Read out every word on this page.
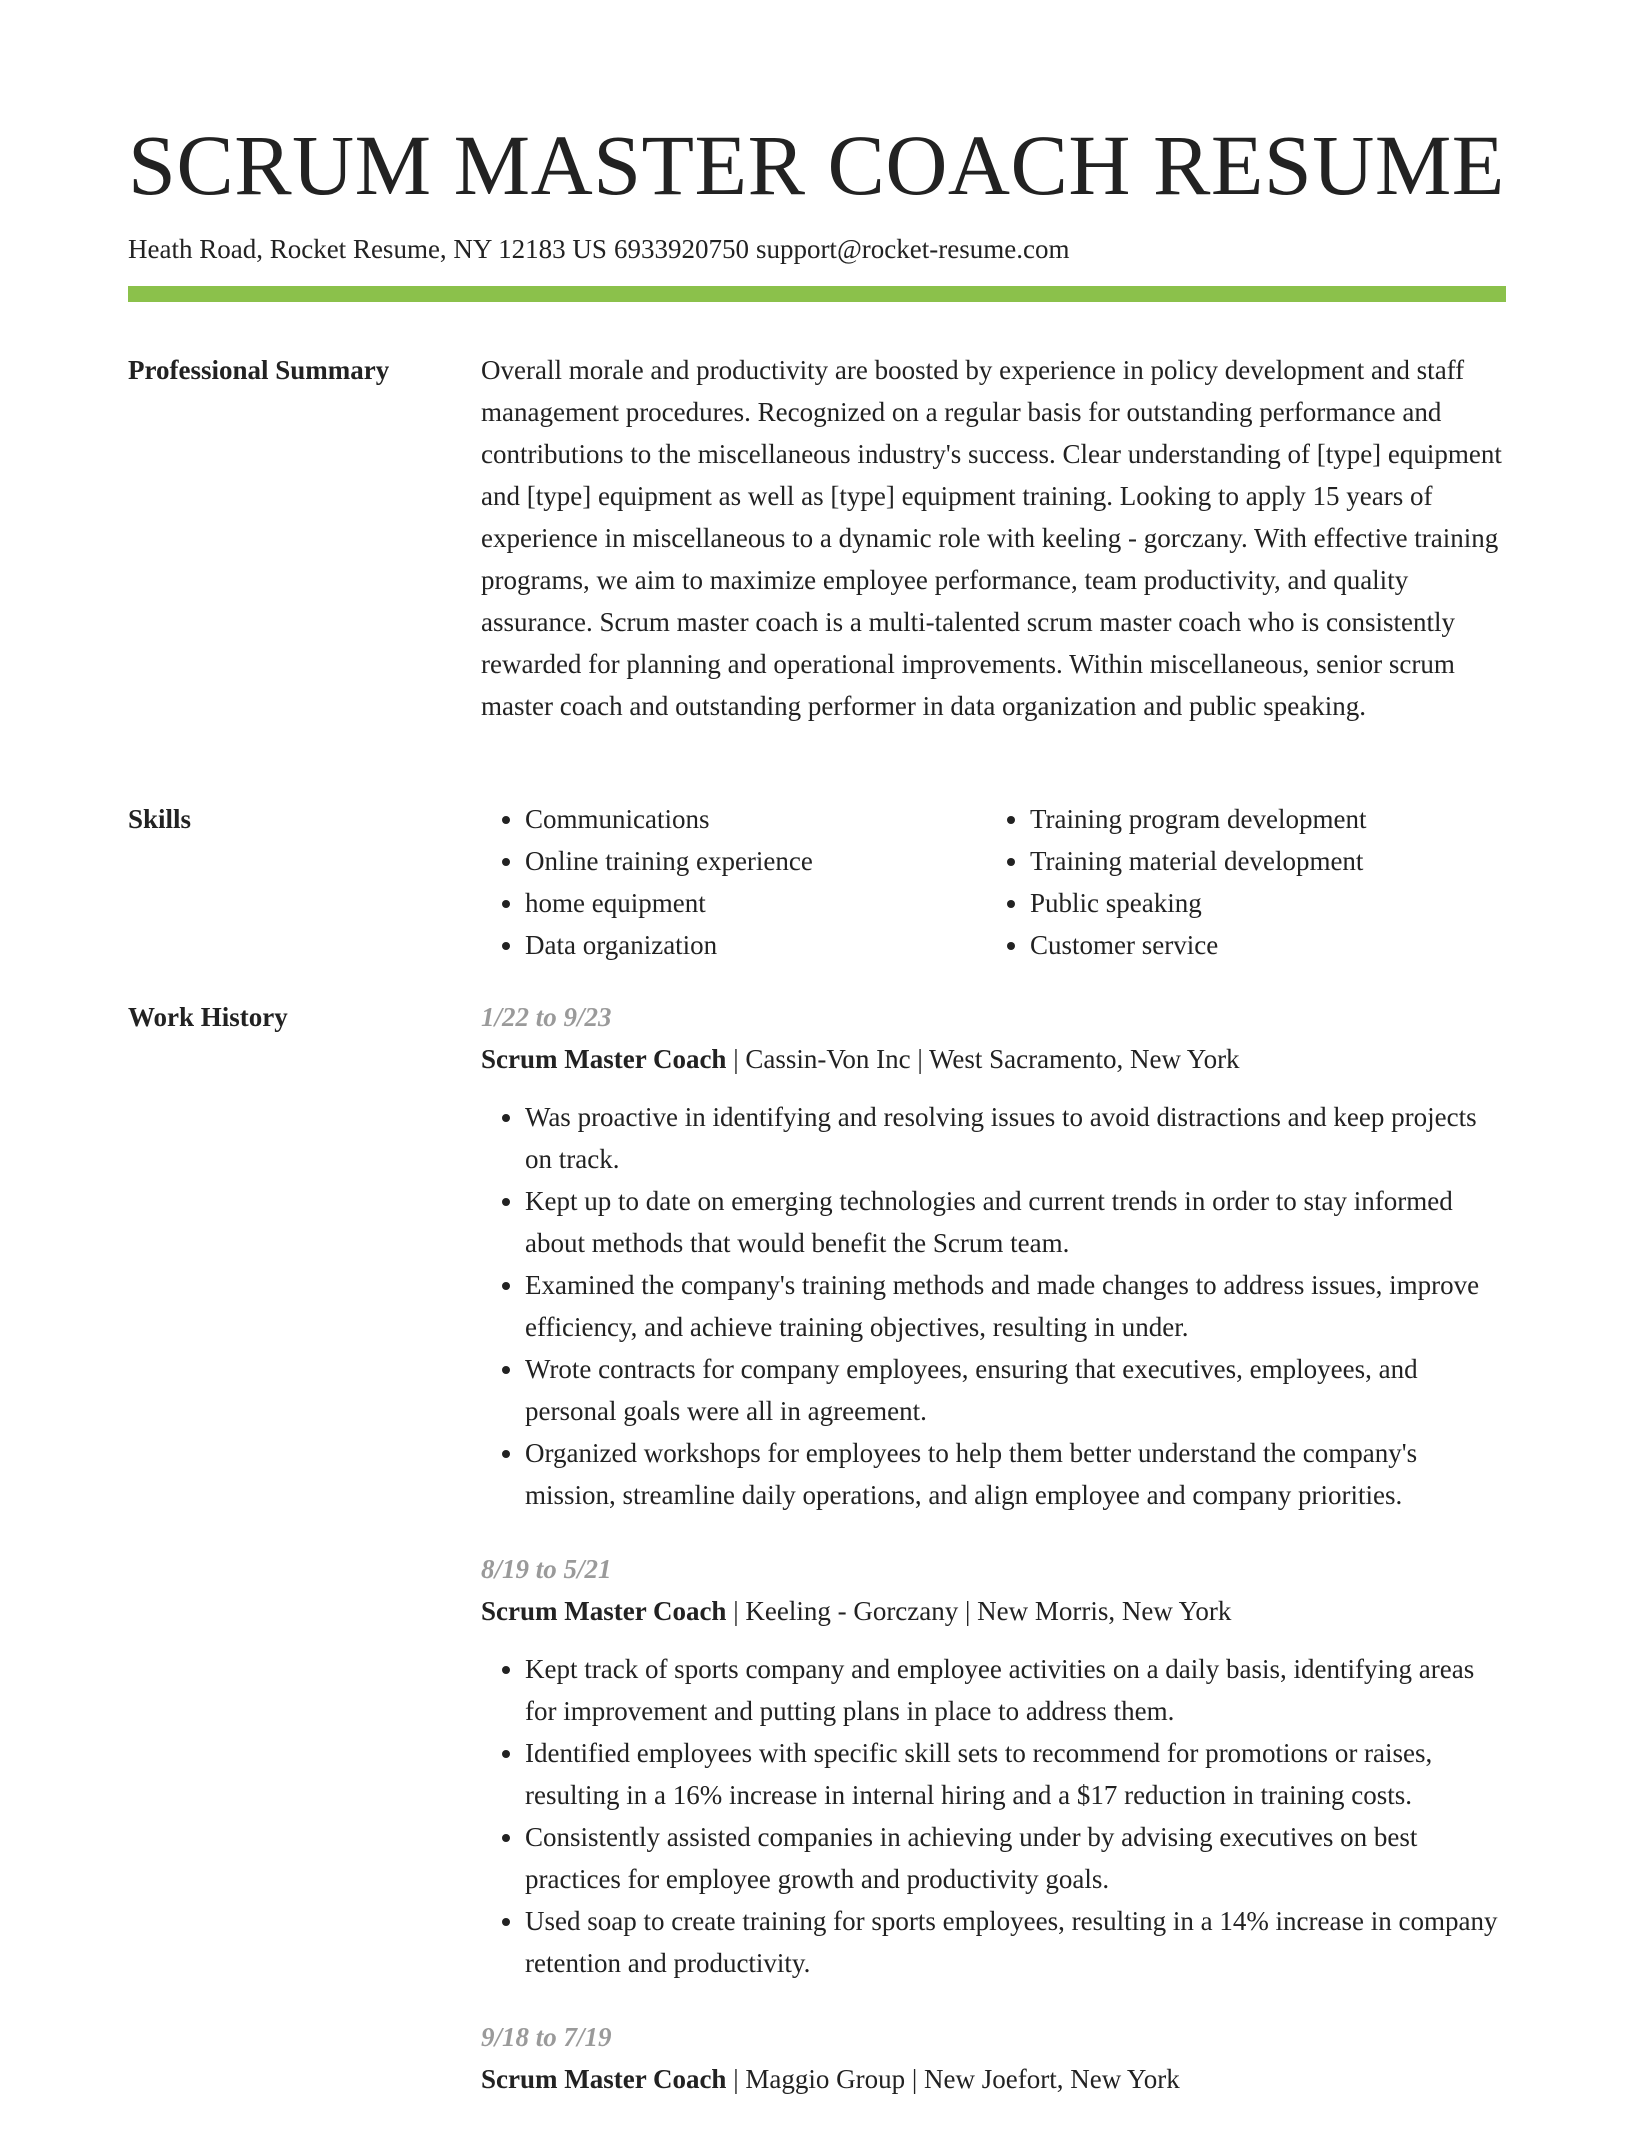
SCRUM MASTER COACH RESUME
Heath Road, Rocket Resume, NY 12183 US 6933920750 support@rocket-resume.com
Professional Summary	Overall morale and productivity are boosted by experience in policy development and staff management procedures. Recognized on a regular basis for outstanding performance and contributions to the miscellaneous industry's success. Clear understanding of [type] equipment and [type] equipment as well as [type] equipment training. Looking to apply 15 years of experience in miscellaneous to a dynamic role with keeling - gorczany. With effective training programs, we aim to maximize employee performance, team productivity, and quality assurance. Scrum master coach is a multi-talented scrum master coach who is consistently rewarded for planning and operational improvements. Within miscellaneous, senior scrum master coach and outstanding performer in data organization and public speaking.

Skills
•	Communications
• Online training experience
• home equipment
• Data organization
• Training program development
• Training material development
• Public speaking
• Customer service
Work History	1/22 to 9/23
Scrum Master Coach | Cassin-Von Inc | West Sacramento, New York
• Was proactive in identifying and resolving issues to avoid distractions and keep projects on track.
• Kept up to date on emerging technologies and current trends in order to stay informed about methods that would benefit the Scrum team.
• Examined the company's training methods and made changes to address issues, improve efficiency, and achieve training objectives, resulting in under.
• Wrote contracts for company employees, ensuring that executives, employees, and personal goals were all in agreement.
• Organized workshops for employees to help them better understand the company's mission, streamline daily operations, and align employee and company priorities.
8/19 to 5/21
Scrum Master Coach | Keeling - Gorczany | New Morris, New York
• Kept track of sports company and employee activities on a daily basis, identifying areas for improvement and putting plans in place to address them.
• Identified employees with specific skill sets to recommend for promotions or raises, resulting in a 16% increase in internal hiring and a $17 reduction in training costs.
• Consistently assisted companies in achieving under by advising executives on best practices for employee growth and productivity goals.
• Used soap to create training for sports employees, resulting in a 14% increase in company retention and productivity.
9/18 to 7/19
Scrum Master Coach | Maggio Group | New Joefort, New York
